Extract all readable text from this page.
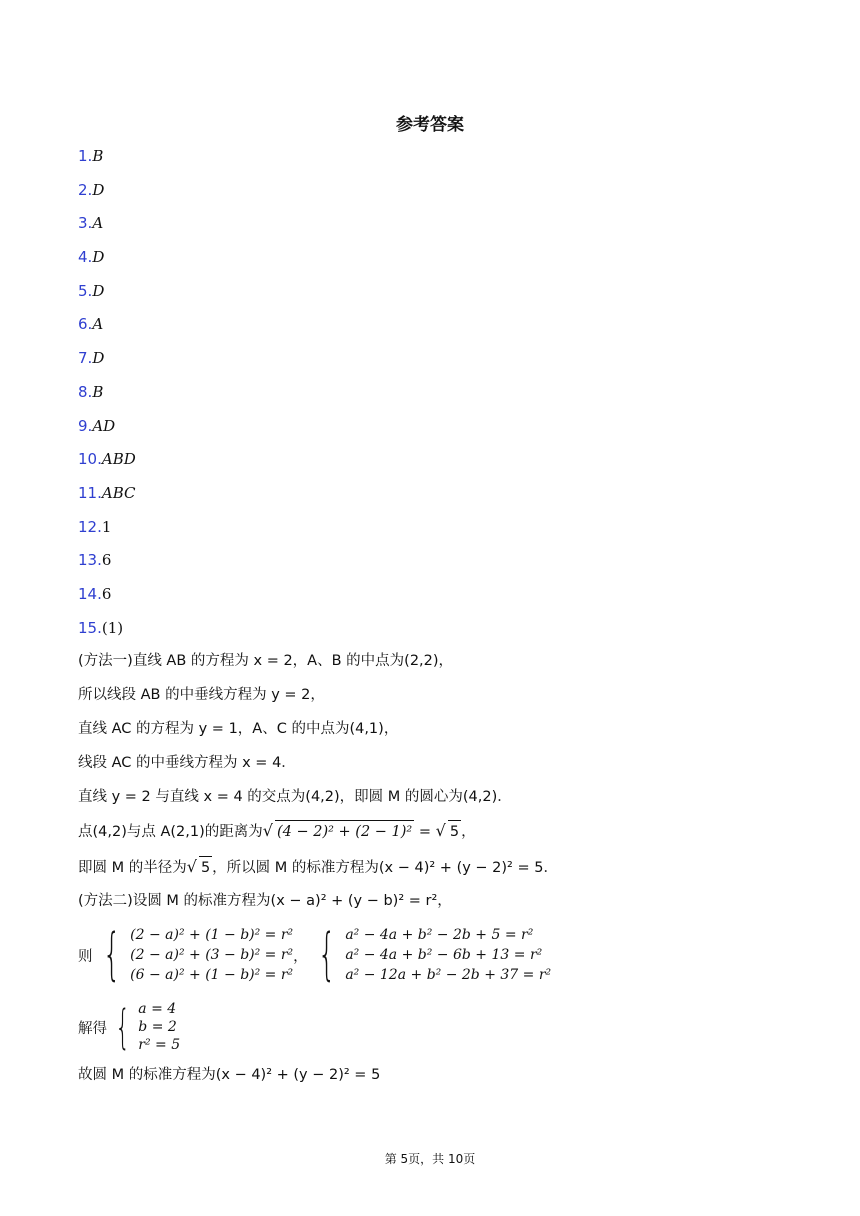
参考答案
1.B
2.D
3.A
4.D
5.D
6.A
7.D
8.B
9.AD
10.ABD
11.ABC
12.1
13.6
14.6
15.(1)
(方法一)直线 AB 的方程为 x = 2，A、B 的中点为(2,2)，
所以线段 AB 的中垂线方程为 y = 2，
直线 AC 的方程为 y = 1，A、C 的中点为(4,1)，
线段 AC 的中垂线方程为 x = 4．
直线 y = 2 与直线 x = 4 的交点为(4,2)，即圆 M 的圆心为(4,2)．
点(4,2)与点 A(2,1)的距离为√ (4 − 2)² + (2 − 1)² = √ 5 ，
即圆 M 的半径为√ 5 ，所以圆 M 的标准方程为(x − 4)² + (y − 2)² = 5．
(方法二)设圆 M 的标准方程为(x − a)² + (y − b)² = r²，
则 { (2 − a)² + (1 − b)² = r²
(2 − a)² + (3 − b)² = r²
(6 − a)² + (1 − b)² = r²
， { a² − 4a + b² − 2b + 5 = r²
a² − 4a + b² − 6b + 13 = r²
a² − 12a + b² − 2b + 37 = r²
解得 { a = 4
b = 2
r² = 5
故圆 M 的标准方程为(x − 4)² + (y − 2)² = 5
第 5页，共 10页
